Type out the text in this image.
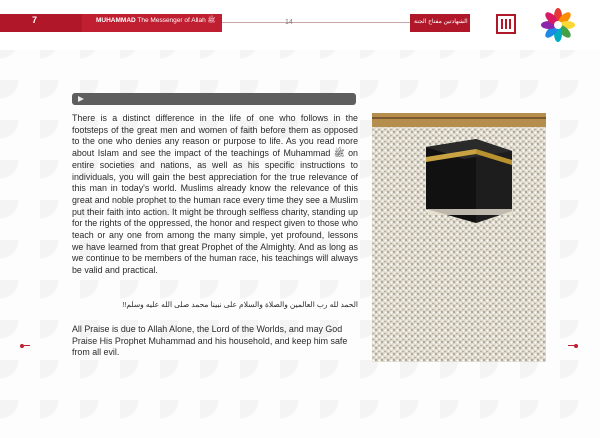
7	MUHAMMAD The Messenger of Allah ﷺ	14	الشهادتين مفتاح الجنة
There is a distinct difference in the life of one who follows in the footsteps of the great men and women of faith before them as opposed to the one who denies any reason or purpose to life. As you read more about Islam and see the impact of the teachings of Muhammad ﷺ on entire societies and nations, as well as his specific instructions to individuals, you will gain the best appreciation for the true relevance of this man in today's world. Muslims already know the relevance of this great and noble prophet to the human race every time they see a Muslim put their faith into action. It might be through selfless charity, standing up for the rights of the oppressed, the honor and respect given to those who teach or any one from among the many simple, yet profound, lessons we have learned from that great Prophet of the Almighty. And as long as we continue to be members of the human race, his teachings will always be valid and practical.
الحمد لله رب العالمين والصلاة والسلام على نبينا محمد صلى الله عليه وسلم!!
All Praise is due to Allah Alone, the Lord of the Worlds, and may God Praise His Prophet Muhammad and his household, and keep him safe from all evil.
